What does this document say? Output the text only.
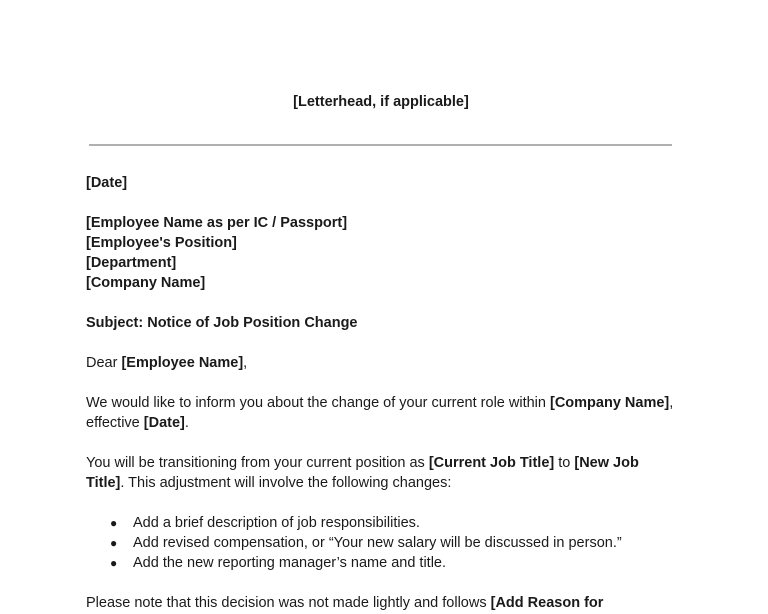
[Letterhead, if applicable]

[Date]

[Employee Name as per IC / Passport]
[Employee's Position]
[Department]
[Company Name]

Subject: Notice of Job Position Change

Dear [Employee Name],

We would like to inform you about the change of your current role within [Company Name], effective [Date].

You will be transitioning from your current position as [Current Job Title] to [New Job Title]. This adjustment will involve the following changes:

● Add a brief description of job responsibilities.
● Add revised compensation, or “Your new salary will be discussed in person.”
● Add the new reporting manager’s name and title.

Please note that this decision was not made lightly and follows [Add Reason for
